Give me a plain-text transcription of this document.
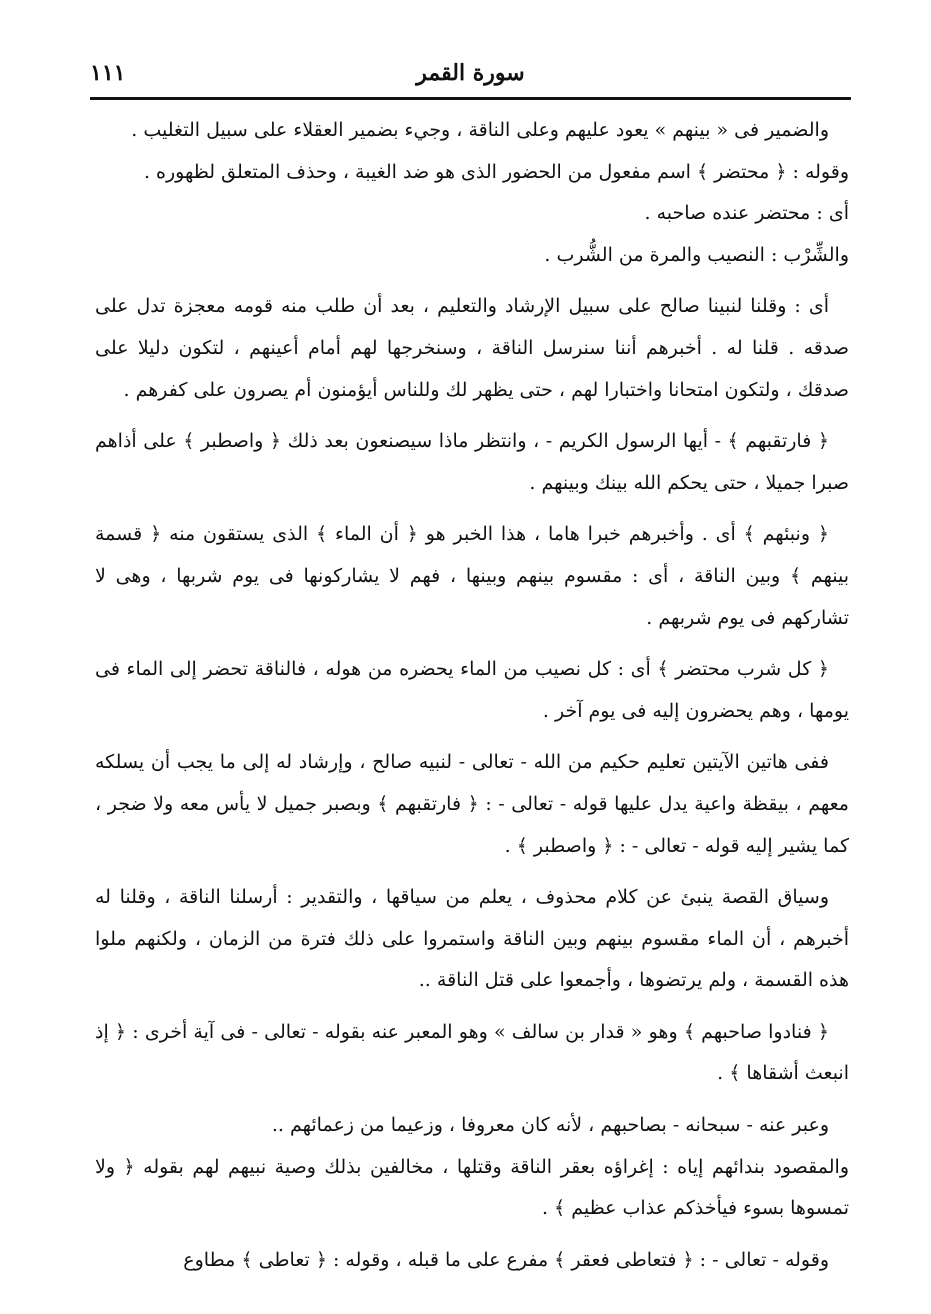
سورة القمر
١١١

والضمير فى « بينهم » يعود عليهم وعلى الناقة ، وجيء بضمير العقلاء على سبيل التغليب .

وقوله : ﴿ محتضر ﴾ اسم مفعول من الحضور الذى هو ضد الغيبة ، وحذف المتعلق لظهوره .

أى : محتضر عنده صاحبه .

والشِّرْب : النصيب والمرة من الشُّرب .

أى : وقلنا لنبينا صالح على سبيل الإرشاد والتعليم ، بعد أن طلب منه قومه معجزة تدل على صدقه . قلنا له . أخبرهم أننا سنرسل الناقة ، وسنخرجها لهم أمام أعينهم ، لتكون دليلا على صدقك ، ولتكون امتحانا واختبارا لهم ، حتى يظهر لك وللناس أيؤمنون أم يصرون على كفرهم .

﴿ فارتقبهم ﴾ - أيها الرسول الكريم - ، وانتظر ماذا سيصنعون بعد ذلك ﴿ واصطبر ﴾ على أذاهم صبرا جميلا ، حتى يحكم الله بينك وبينهم .

﴿ ونبئهم ﴾ أى . وأخبرهم خبرا هاما ، هذا الخبر هو ﴿ أن الماء ﴾ الذى يستقون منه ﴿ قسمة بينهم ﴾ وبين الناقة ، أى : مقسوم بينهم وبينها ، فهم لا يشاركونها فى يوم شربها ، وهى لا تشاركهم فى يوم شربهم .

﴿ كل شرب محتضر ﴾ أى : كل نصيب من الماء يحضره من هوله ، فالناقة تحضر إلى الماء فى يومها ، وهم يحضرون إليه فى يوم آخر .

ففى هاتين الآيتين تعليم حكيم من الله - تعالى - لنبيه صالح ، وإرشاد له إلى ما يجب أن يسلكه معهم ، بيقظة واعية يدل عليها قوله - تعالى - : ﴿ فارتقبهم ﴾ وبصبر جميل لا يأس معه ولا ضجر ، كما يشير إليه قوله - تعالى - : ﴿ واصطبر ﴾ .

وسياق القصة ينبئ عن كلام محذوف ، يعلم من سياقها ، والتقدير : أرسلنا الناقة ، وقلنا له أخبرهم ، أن الماء مقسوم بينهم وبين الناقة واستمروا على ذلك فترة من الزمان ، ولكنهم ملوا هذه القسمة ، ولم يرتضوها ، وأجمعوا على قتل الناقة ..

﴿ فنادوا صاحبهم ﴾ وهو « قدار بن سالف » وهو المعبر عنه بقوله - تعالى - فى آية أخرى : ﴿ إذ انبعث أشقاها ﴾ .

وعبر عنه - سبحانه - بصاحبهم ، لأنه كان معروفا ، وزعيما من زعمائهم ..

والمقصود بندائهم إياه : إغراؤه بعقر الناقة وقتلها ، مخالفين بذلك وصية نبيهم لهم بقوله ﴿ ولا تمسوها بسوء فيأخذكم عذاب عظيم ﴾ .

وقوله - تعالى - : ﴿ فتعاطى فعقر ﴾ مفرع على ما قبله ، وقوله : ﴿ تعاطى ﴾ مطاوع
